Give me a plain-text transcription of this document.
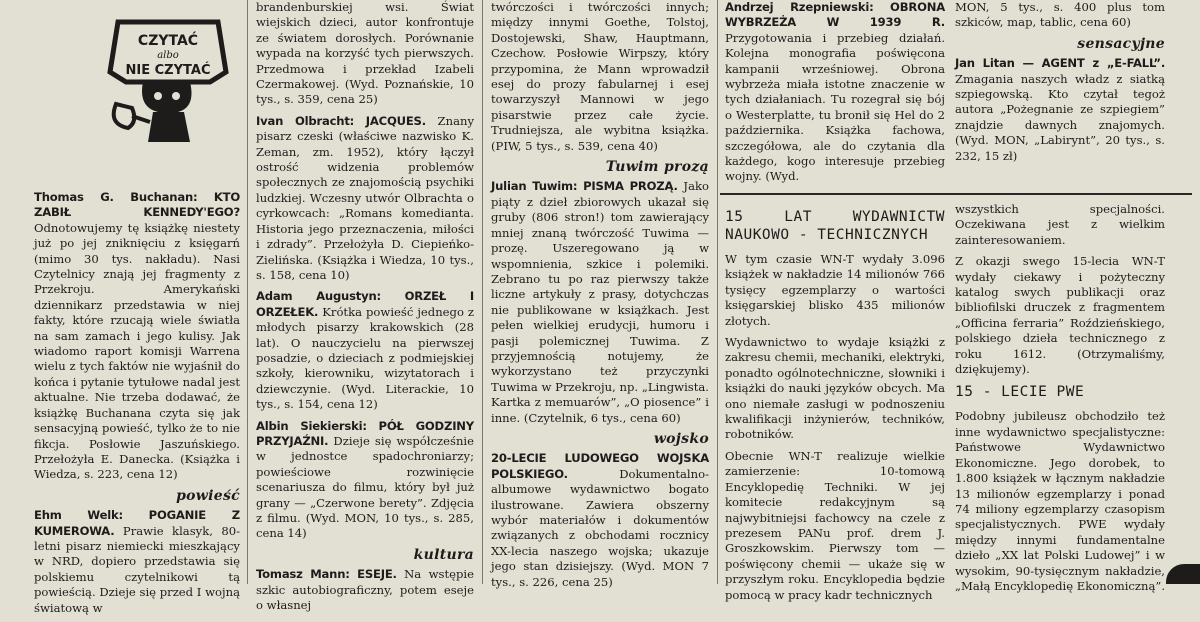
CZYTAĆ
albo
NIE CZYTAĆ

Thomas G. Buchanan: KTO ZABIŁ KENNEDY'EGO? Odnotowujemy tę książkę niestety już po jej zniknięciu z księgarń (mimo 30 tys. nakładu). Nasi Czytelnicy znają jej fragmenty z Przekroju. Amerykański dziennikarz przedstawia w niej fakty, które rzucają wiele światła na sam zamach i jego kulisy. Jak wiadomo raport komisji Warrena wielu z tych faktów nie wyjaśnił do końca i pytanie tytułowe nadal jest aktualne. Nie trzeba dodawać, że książkę Buchanana czyta się jak sensacyjną powieść, tylko że to nie fikcja. Posłowie Jaszuńskiego. Przełożyła E. Danecka. (Książka i Wiedza, s. 223, cena 12)

powieść

Ehm Welk: POGANIE Z KUMEROWA. Prawie klasyk, 80-letni pisarz niemiecki mieszkający w NRD, dopiero przedstawia się polskiemu czytelnikowi tą powieścią. Dzieje się przed I wojną światową w

brandenburskiej wsi. Świat wiejskich dzieci, autor konfrontuje ze światem dorosłych. Porównanie wypada na korzyść tych pierwszych. Przedmowa i przekład Izabeli Czermakowej. (Wyd. Poznańskie, 10 tys., s. 359, cena 25)

Ivan Olbracht: JACQUES. Znany pisarz czeski (właściwe nazwisko K. Zeman, zm. 1952), który łączył ostrość widzenia problemów społecznych ze znajomością psychiki ludzkiej. Wczesny utwór Olbrachta o cyrkowcach: „Romans komedianta. Historia jego przeznaczenia, miłości i zdrady”. Przełożyła D. Ciepieńko-Zielińska. (Książka i Wiedza, 10 tys., s. 158, cena 10)

Adam Augustyn: ORZEŁ I ORZEŁEK. Krótka powieść jednego z młodych pisarzy krakowskich (28 lat). O nauczycielu na pierwszej posadzie, o dzieciach z podmiejskiej szkoły, kierowniku, wizytatorach i dziewczynie. (Wyd. Literackie, 10 tys., s. 154, cena 12)

Albin Siekierski: PÓŁ GODZINY PRZYJAŹNI. Dzieje się współcześnie w jednostce spadochroniarzy; powieściowe rozwinięcie scenariusza do filmu, który był już grany — „Czerwone berety”. Zdjęcia z filmu. (Wyd. MON, 10 tys., s. 285, cena 14)

kultura

Tomasz Mann: ESEJE. Na wstępie szkic autobiograficzny, potem eseje o własnej

twórczości i twórczości innych; między innymi Goethe, Tolstoj, Dostojewski, Shaw, Hauptmann, Czechow. Posłowie Wirpszy, który przypomina, że Mann wprowadził esej do prozy fabularnej i esej towarzyszył Mannowi w jego pisarstwie przez całe życie. Trudniejsza, ale wybitna książka. (PIW, 5 tys., s. 539, cena 40)

Tuwim prozą

Julian Tuwim: PISMA PROZĄ. Jako piąty z dzieł zbiorowych ukazał się gruby (806 stron!) tom zawierający mniej znaną twórczość Tuwima — prozę. Uszeregowano ją w wspomnienia, szkice i polemiki. Zebrano tu po raz pierwszy także liczne artykuły z prasy, dotychczas nie publikowane w książkach. Jest pełen wielkiej erudycji, humoru i pasji polemicznej Tuwima. Z przyjemnością notujemy, że wykorzystano też przyczynki Tuwima w Przekroju, np. „Lingwista. Kartka z memuarów”, „O piosence” i inne. (Czytelnik, 6 tys., cena 60)

wojsko

20-LECIE LUDOWEGO WOJSKA POLSKIEGO.	Dokumentalno-albumowe wydawnictwo bogato ilustrowane. Zawiera obszerny wybór materiałów i dokumentów związanych z obchodami rocznicy XX-lecia naszego wojska; ukazuje jego stan dzisiejszy. (Wyd. MON 7 tys., s. 226, cena 25)

Andrzej Rzepniewski: OBRONA WYBRZEŻA W 1939 R. Przygotowania i przebieg działań. Kolejna monografia poświęcona kampanii wrześniowej. Obrona wybrzeża miała istotne znaczenie w tych działaniach. Tu rozegrał się bój o Westerplatte, tu bronił się Hel do 2 października. Książka fachowa, szczegółowa, ale do czytania dla każdego, kogo interesuje przebieg wojny. (Wyd.

15 LAT WYDAWNICTW NAUKOWO - TECHNICZNYCH

W tym czasie WN-T wydały 3.096 książek w nakładzie 14 milionów 766 tysięcy egzemplarzy o wartości księgarskiej blisko 435 milionów złotych.

Wydawnictwo to wydaje książki z zakresu chemii, mechaniki, elektryki, ponadto ogólnotechniczne, słowniki i książki do nauki języków obcych. Ma ono niemałe zasługi w podnoszeniu kwalifikacji inżynierów, techników, robotników.

Obecnie WN-T realizuje wielkie zamierzenie: 10-tomową Encyklopedię Techniki. W jej komitecie redakcyjnym są najwybitniejsi fachowcy na czele z prezesem PANu prof. drem J. Groszkowskim. Pierwszy tom — poświęcony chemii — ukaże się w przyszłym roku. Encyklopedia będzie pomocą w pracy kadr technicznych

MON, 5 tys., s. 400 plus tom szkiców, map, tablic, cena 60)

sensacyjne

Jan Litan — AGENT z „E-FALL”. Zmagania naszych władz z siatką szpiegowską. Kto czytał tegoż autora „Pożegnanie ze szpiegiem” znajdzie dawnych znajomych. (Wyd. MON, „Labirynt”, 20 tys., s. 232, 15 zł)

wszystkich specjalności. Oczekiwana jest z wielkim zainteresowaniem.

Z okazji swego 15-lecia WN-T wydały ciekawy i pożyteczny katalog swych publikacji oraz bibliofilski druczek z fragmentem „Officina ferraria” Roździeńskiego, polskiego dzieła technicznego z roku 1612. (Otrzymaliśmy, dziękujemy).

15 - LECIE PWE

Podobny jubileusz obchodziło też inne wydawnictwo specjalistyczne: Państwowe Wydawnictwo Ekonomiczne. Jego dorobek, to 1.800 książek w łącznym nakładzie 13 milionów egzemplarzy i ponad 74 miliony egzemplarzy czasopism specjalistycznych. PWE wydały między innymi fundamentalne dzieło „XX lat Polski Ludowej” i w wysokim, 90-tysięcznym nakładzie, „Małą Encyklopedię Ekonomiczną”.
